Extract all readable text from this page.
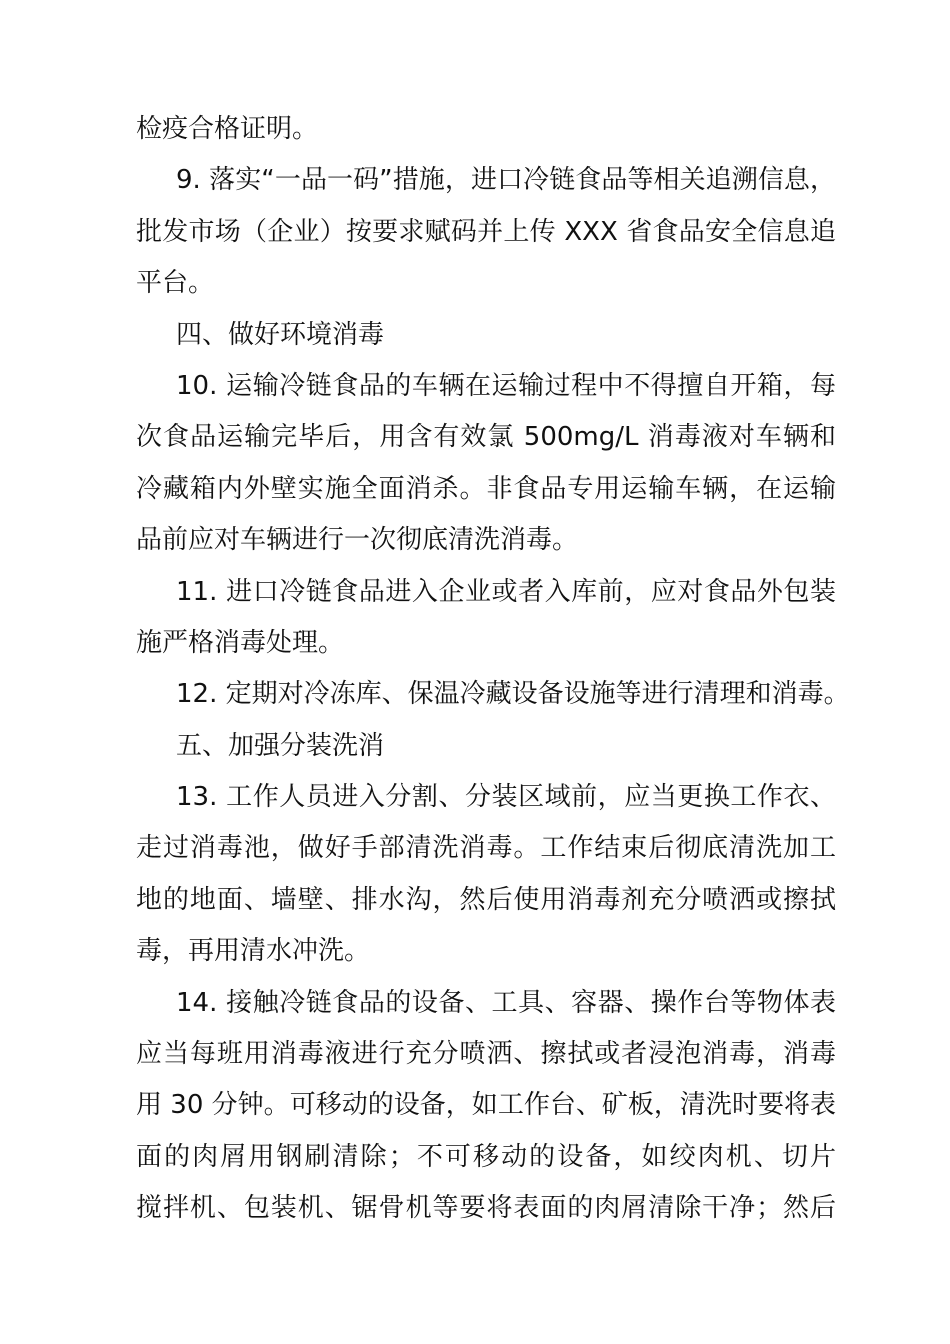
检疫合格证明。
9. 落实“一品一码”措施，进口冷链食品等相关追溯信息，
批发市场（企业）按要求赋码并上传 XXX 省食品安全信息追
平台。
四、做好环境消毒
10. 运输冷链食品的车辆在运输过程中不得擅自开箱，每
次食品运输完毕后，用含有效氯 500mg/L 消毒液对车辆和
冷藏箱内外壁实施全面消杀。非食品专用运输车辆，在运输
品前应对车辆进行一次彻底清洗消毒。
11. 进口冷链食品进入企业或者入库前，应对食品外包装
施严格消毒处理。
12. 定期对冷冻库、保温冷藏设备设施等进行清理和消毒。
五、加强分装洗消
13. 工作人员进入分割、分装区域前，应当更换工作衣、
走过消毒池，做好手部清洗消毒。工作结束后彻底清洗加工
地的地面、墙壁、排水沟，然后使用消毒剂充分喷洒或擦拭
毒，再用清水冲洗。
14. 接触冷链食品的设备、工具、容器、操作台等物体表
应当每班用消毒液进行充分喷洒、擦拭或者浸泡消毒，消毒
用 30 分钟。可移动的设备，如工作台、矿板，清洗时要将表
面的肉屑用钢刷清除；不可移动的设备，如绞肉机、切片
搅拌机、包装机、锯骨机等要将表面的肉屑清除干净；然后
